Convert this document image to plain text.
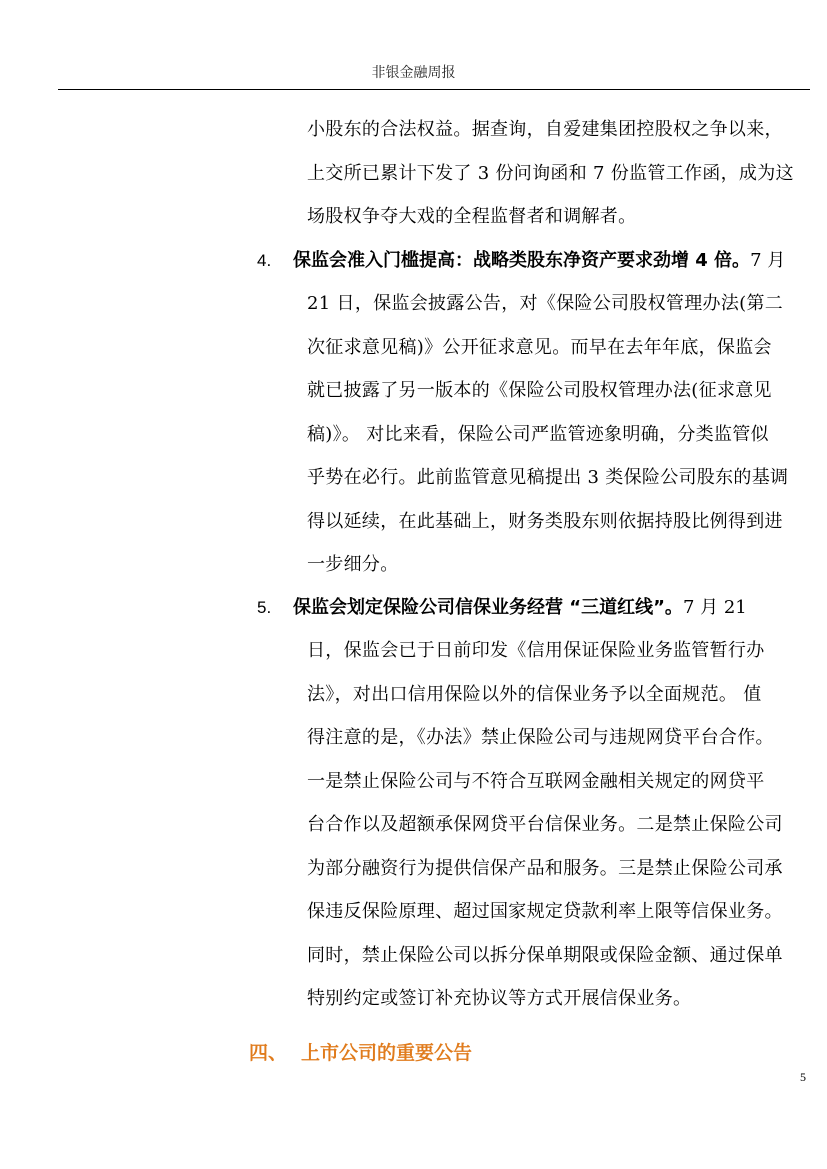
非银金融周报
小股东的合法权益。据查询，自爱建集团控股权之争以来，
上交所已累计下发了 3 份问询函和 7 份监管工作函，成为这
场股权争夺大戏的全程监督者和调解者。
4. 保监会准入门槛提高：战略类股东净资产要求劲增 4 倍。7 月
21 日，保监会披露公告，对《保险公司股权管理办法(第二
次征求意见稿)》公开征求意见。而早在去年年底，保监会
就已披露了另一版本的《保险公司股权管理办法(征求意见
稿)》。 对比来看，保险公司严监管迹象明确，分类监管似
乎势在必行。此前监管意见稿提出 3 类保险公司股东的基调
得以延续，在此基础上，财务类股东则依据持股比例得到进
一步细分。
5. 保监会划定保险公司信保业务经营 “三道红线”。7 月 21
日，保监会已于日前印发《信用保证保险业务监管暂行办
法》，对出口信用保险以外的信保业务予以全面规范。 值
得注意的是，《办法》禁止保险公司与违规网贷平台合作。
一是禁止保险公司与不符合互联网金融相关规定的网贷平
台合作以及超额承保网贷平台信保业务。二是禁止保险公司
为部分融资行为提供信保产品和服务。三是禁止保险公司承
保违反保险原理、超过国家规定贷款利率上限等信保业务。
同时，禁止保险公司以拆分保单期限或保险金额、通过保单
特别约定或签订补充协议等方式开展信保业务。
四、 上市公司的重要公告
5
